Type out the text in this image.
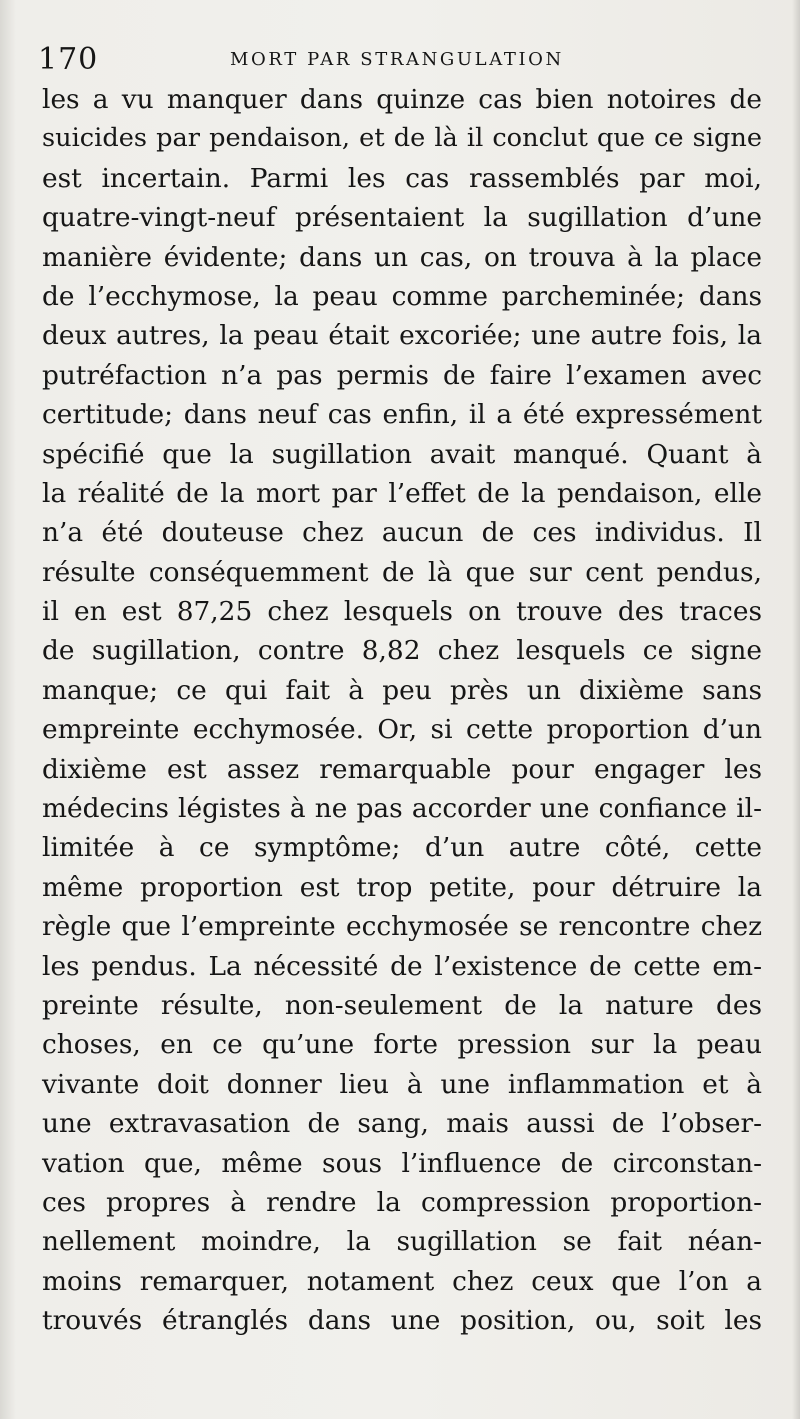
170	MORT PAR STRANGULATION
les a vu manquer dans quinze cas bien notoires de
suicides par pendaison, et de là il conclut que ce signe
est incertain. Parmi les cas rassemblés par moi,
quatre-vingt-neuf présentaient la sugillation d’une
manière évidente; dans un cas, on trouva à la place
de l’ecchymose, la peau comme parcheminée; dans
deux autres, la peau était excoriée; une autre fois, la
putréfaction n’a pas permis de faire l’examen avec
certitude; dans neuf cas enfin, il a été expressément
spécifié que la sugillation avait manqué. Quant à
la réalité de la mort par l’effet de la pendaison, elle
n’a été douteuse chez aucun de ces individus. Il
résulte conséquemment de là que sur cent pendus,
il en est 87,25 chez lesquels on trouve des traces
de sugillation, contre 8,82 chez lesquels ce signe
manque; ce qui fait à peu près un dixième sans
empreinte ecchymosée. Or, si cette proportion d’un
dixième est assez remarquable pour engager les
médecins légistes à ne pas accorder une confiance il-
limitée à ce symptôme; d’un autre côté, cette
même proportion est trop petite, pour détruire la
règle que l’empreinte ecchymosée se rencontre chez
les pendus. La nécessité de l’existence de cette em-
preinte résulte, non-seulement de la nature des
choses, en ce qu’une forte pression sur la peau
vivante doit donner lieu à une inflammation et à
une extravasation de sang, mais aussi de l’obser-
vation que, même sous l’influence de circonstan-
ces propres à rendre la compression proportion-
nellement moindre, la sugillation se fait néan-
moins remarquer, notament chez ceux que l’on a
trouvés étranglés dans une position, ou, soit les
